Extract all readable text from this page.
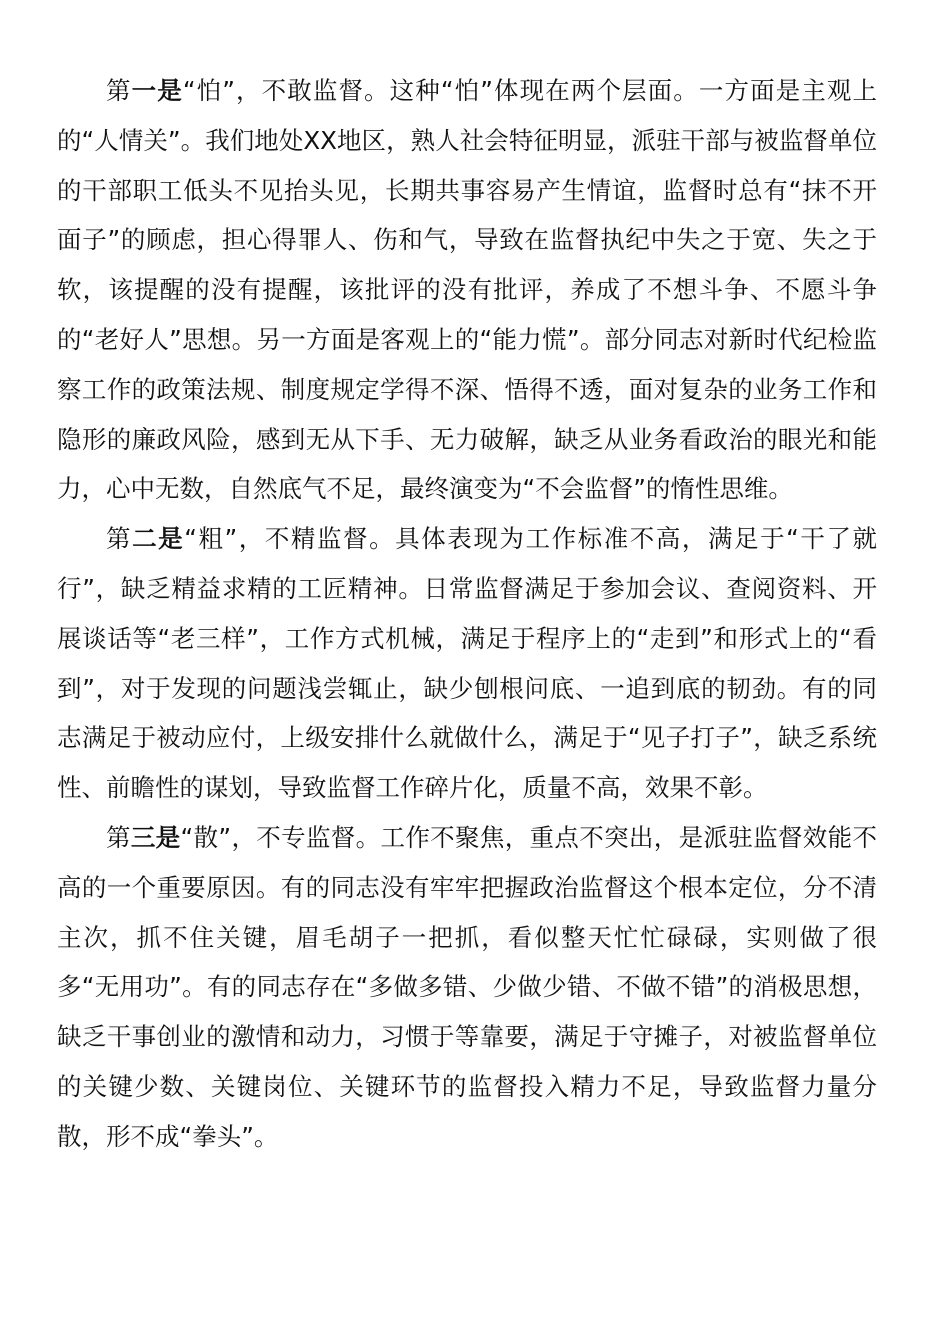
第一是“怕”，不敢监督。这种“怕”体现在两个层面。一方面是主观上的“人情关”。我们地处XX地区，熟人社会特征明显，派驻干部与被监督单位的干部职工低头不见抬头见，长期共事容易产生情谊，监督时总有“抹不开面子”的顾虑，担心得罪人、伤和气，导致在监督执纪中失之于宽、失之于软，该提醒的没有提醒，该批评的没有批评，养成了不想斗争、不愿斗争的“老好人”思想。另一方面是客观上的“能力慌”。部分同志对新时代纪检监察工作的政策法规、制度规定学得不深、悟得不透，面对复杂的业务工作和隐形的廉政风险，感到无从下手、无力破解，缺乏从业务看政治的眼光和能力，心中无数，自然底气不足，最终演变为“不会监督”的惰性思维。

第二是“粗”，不精监督。具体表现为工作标准不高，满足于“干了就行”，缺乏精益求精的工匠精神。日常监督满足于参加会议、查阅资料、开展谈话等“老三样”，工作方式机械，满足于程序上的“走到”和形式上的“看到”，对于发现的问题浅尝辄止，缺少刨根问底、一追到底的韧劲。有的同志满足于被动应付，上级安排什么就做什么，满足于“见子打子”，缺乏系统性、前瞻性的谋划，导致监督工作碎片化，质量不高，效果不彰。

第三是“散”，不专监督。工作不聚焦，重点不突出，是派驻监督效能不高的一个重要原因。有的同志没有牢牢把握政治监督这个根本定位，分不清主次，抓不住关键，眉毛胡子一把抓，看似整天忙忙碌碌，实则做了很多“无用功”。有的同志存在“多做多错、少做少错、不做不错”的消极思想，缺乏干事创业的激情和动力，习惯于等靠要，满足于守摊子，对被监督单位的关键少数、关键岗位、关键环节的监督投入精力不足，导致监督力量分散，形不成“拳头”。
